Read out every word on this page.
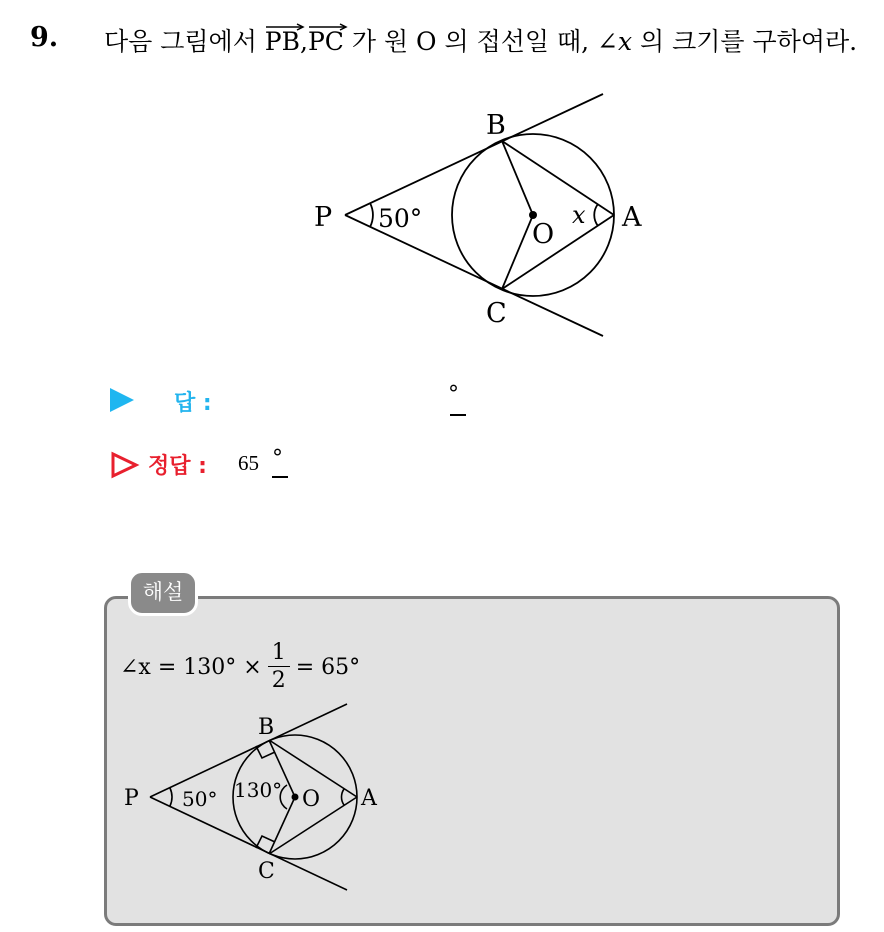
9. 다음 그림에서
PB,
PC 가 원 O 의 접선일 때, ∠x 의 크기를 구하여라.
P
B
C
O
A
50°	x
답 :	°
정답 : 65 °
해설
∠x = $130^\circ \times \frac{1}{2} = 65^\circ$
P
B
C
O A
50° 130°
